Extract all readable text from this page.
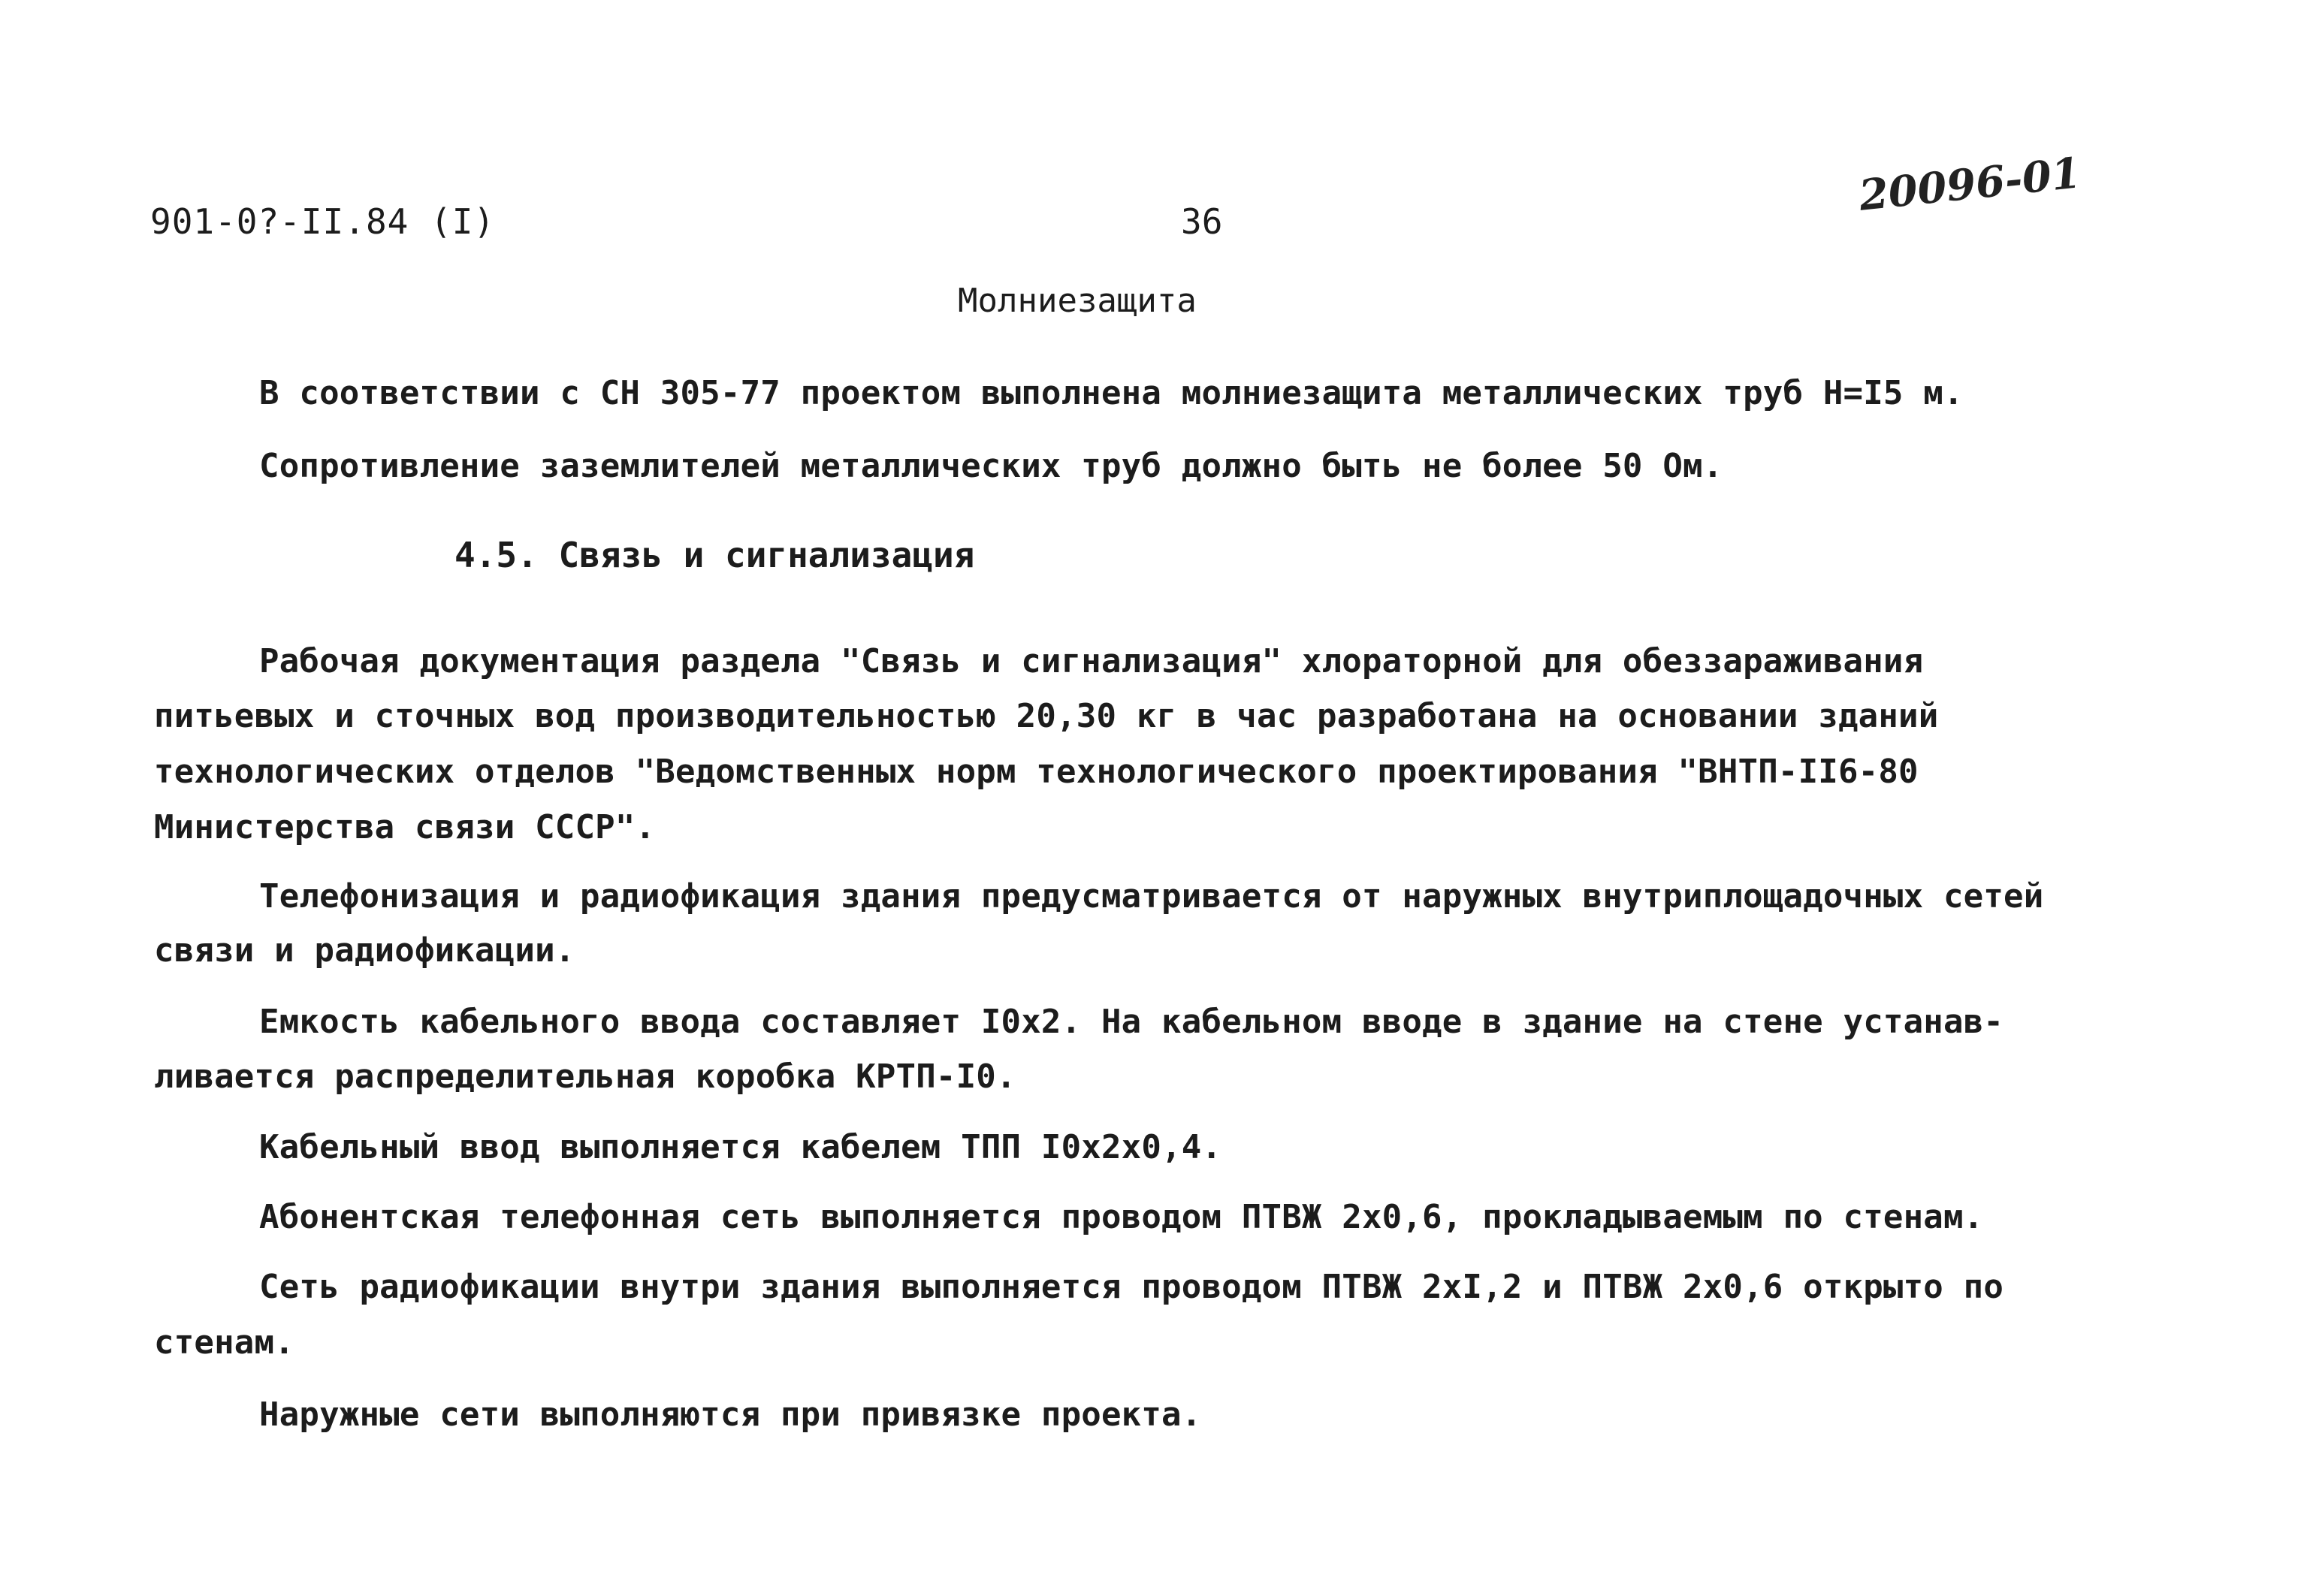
901-0?-II.84 (I)	36
20096-01
Молниезащита
В соответствии с СН 305-77 проектом выполнена молниезащита металлических труб Н=I5 м.
Сопротивление заземлителей металлических труб должно быть не более 50 Ом.
4.5. Связь и сигнализация
Рабочая документация раздела "Связь и сигнализация" хлораторной для обеззараживания
питьевых и сточных вод производительностью 20,30 кг в час разработана на основании зданий
технологических отделов "Ведомственных норм технологического проектирования "ВНТП-II6-80
Министерства связи СССР".
Телефонизация и радиофикация здания предусматривается от наружных внутриплощадочных сетей
связи и радиофикации.
Емкость кабельного ввода составляет I0х2. На кабельном вводе в здание на стене устанав-
ливается распределительная коробка КРТП-I0.
Кабельный ввод выполняется кабелем ТПП I0х2х0,4.
Абонентская телефонная сеть выполняется проводом ПТВЖ 2х0,6, прокладываемым по стенам.
Сеть радиофикации внутри здания выполняется проводом ПТВЖ 2хI,2 и ПТВЖ 2х0,6 открыто по
стенам.
Наружные сети выполняются при привязке проекта.
